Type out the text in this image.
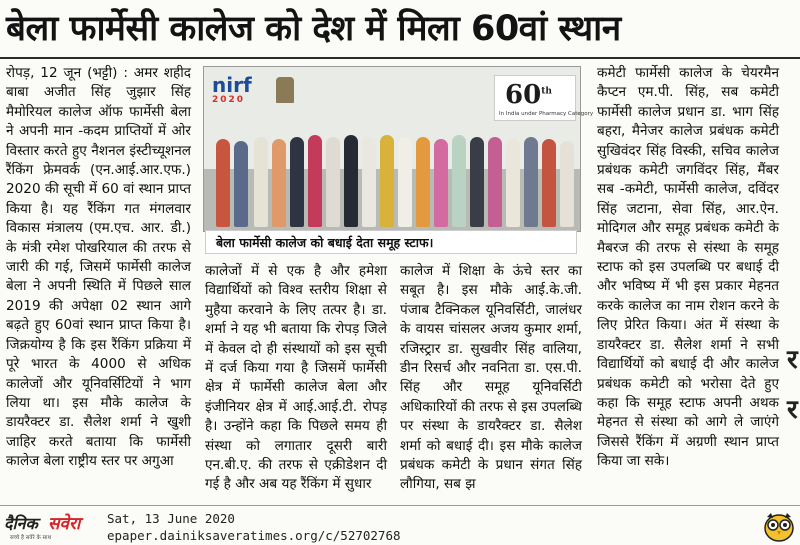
बेला फार्मेसी कालेज को देश में मिला 60वां स्थान

रोपड़, 12 जून (भट्टी) : अमर शहीद बाबा अजीत सिंह जुझार सिंह मैमोरियल कालेज ऑफ फार्मेसी बेला ने अपनी मान -कदम प्राप्तियों में ओर विस्तार करते हुए नैशनल इंस्टीच्यूशनल रैंकिंग फ्रेमवर्क (एन.आई.आर.एफ.) 2020 की सूची में 60 वां स्थान प्राप्त किया है। यह रैंकिंग गत मंगलवार विकास मंत्रालय (एम.एच. आर. डी.) के मंत्री रमेश पोखरियाल की तरफ से जारी की गई, जिसमें फार्मेसी कालेज बेला ने अपनी स्थिति में पिछले साल 2019 की अपेक्षा 02 स्थान आगे बढ़ते हुए 60वां स्थान प्राप्त किया है। जिक्रयोग्य है कि इस रैंकिंग प्रक्रिया में पूरे भारत के 4000 से अधिक कालेजों और यूनिवर्सिटियों ने भाग लिया था। इस मौके कालेज के डायरैक्टर डा. सैलेश शर्मा ने खुशी जाहिर करते बताया कि फार्मेसी कालेज बेला राष्ट्रीय स्तर पर अगुआ

nirf
2020	60th
In India under Pharmacy Category
बेला फार्मेसी कालेज को बधाई देता समूह स्टाफ।

कालेजों में से एक है और हमेशा विद्यार्थियों को विश्व स्तरीय शिक्षा से मुहैया करवाने के लिए तत्पर है। डा. शर्मा ने यह भी बताया कि रोपड़ जिले में केवल दो ही संस्थायों को इस सूची में दर्ज किया गया है जिसमें फार्मेसी क्षेत्र में फार्मेसी कालेज बेला और इंजीनियर क्षेत्र में आई.आई.टी. रोपड़ है। उन्होंने कहा कि पिछले समय ही संस्था को लगातार दूसरी बारी एन.बी.ए. की तरफ से एक्रीडेशन दी गई है और अब यह रैंकिंग में सुधार

कालेज में शिक्षा के ऊंचे स्तर का सबूत है। इस मौके आई.के.जी. पंजाब टैक्निकल यूनिवर्सिटी, जालंधर के वायस चांसलर अजय कुमार शर्मा, रजिस्ट्रार डा. सुखवीर सिंह वालिया, डीन रिसर्च और नवनिता डा. एस.पी. सिंह और समूह यूनिवर्सिटी अधिकारियों की तरफ से इस उपलब्धि पर संस्था के डायरैक्टर डा. सैलेश शर्मा को बधाई दी। इस मौके कालेज प्रबंधक कमेटी के प्रधान संगत सिंह लौगिया, सब झ

कमेटी फार्मेसी कालेज के चेयरमैन कैप्टन एम.पी. सिंह, सब कमेटी फार्मेसी कालेज प्रधान डा. भाग सिंह बहरा, मैनेजर कालेज प्रबंधक कमेटी सुखिवंदर सिंह विस्की, सचिव कालेज प्रबंधक कमेटी जगविंदर सिंह, मैंबर सब -कमेटी, फार्मेसी कालेज, दविंदर सिंह जटाना, सेवा सिंह, आर.ऐन. मोदिगल और समूह प्रबंधक कमेटी के मैबरज की तरफ से संस्था के समूह स्टाफ को इस उपलब्धि पर बधाई दी और भविष्य में भी इस प्रकार मेहनत करके कालेज का नाम रोशन करने के लिए प्रेरित किया। अंत में संस्था के डायरैक्टर डा. सैलेश शर्मा ने सभी विद्यार्थियों को बधाई दी और कालेज प्रबंधक कमेटी को भरोसा देते हुए कहा कि समूह स्टाफ अपनी अथक मेहनत से संस्था को आगे ले जाएंगे जिससे रैंकिंग में अग्रणी स्थान प्राप्त किया जा सके।

र
र
दैनिक सवेरा
सच्चे है सवेरे के साथ
Sat, 13 June 2020
epaper.dainiksaveratimes.org/c/52702768
